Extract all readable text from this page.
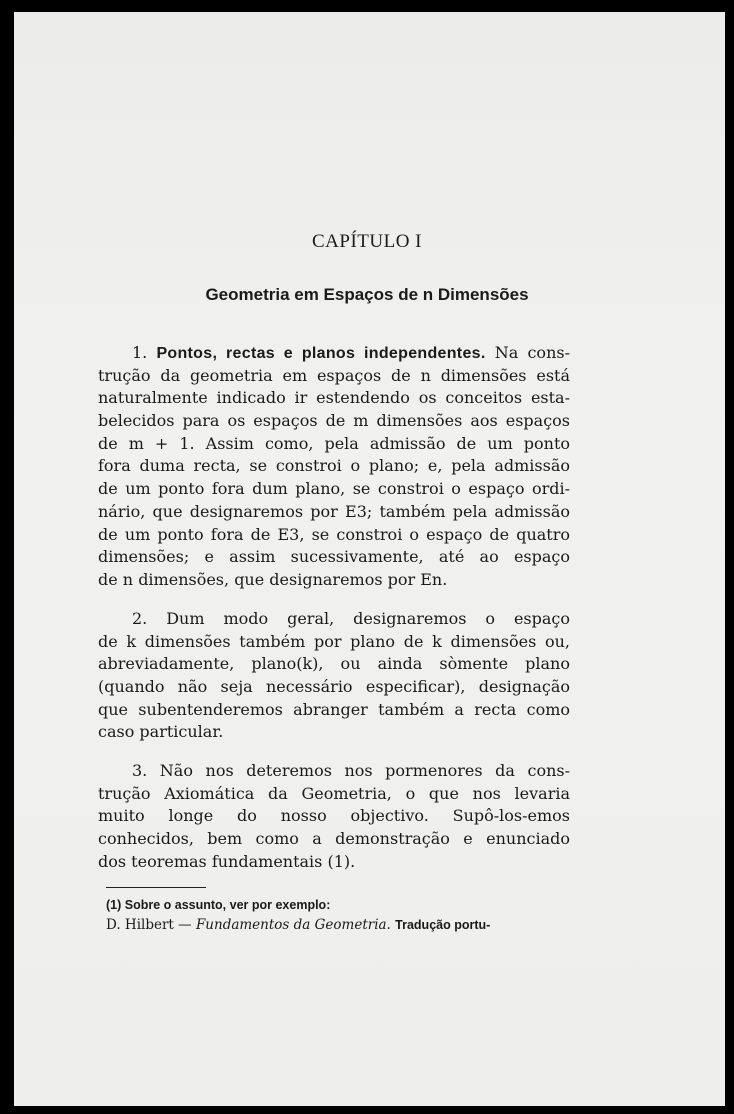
CAPÍTULO I
Geometria em Espaços de n Dimensões
1. Pontos, rectas e planos independentes. Na cons-
trução da geometria em espaços de n dimensões está
naturalmente indicado ir estendendo os conceitos esta-
belecidos para os espaços de m dimensões aos espaços
de m + 1. Assim como, pela admissão de um ponto
fora duma recta, se constroi o plano; e, pela admissão
de um ponto fora dum plano, se constroi o espaço ordi-
nário, que designaremos por E3; também pela admissão
de um ponto fora de E3, se constroi o espaço de quatro
dimensões; e assim sucessivamente, até ao espaço
de n dimensões, que designaremos por En.
2. Dum modo geral, designaremos o espaço
de k dimensões também por plano de k dimensões ou,
abreviadamente, plano(k), ou ainda sòmente plano
(quando não seja necessário especificar), designação
que subentenderemos abranger também a recta como
caso particular.
3. Não nos deteremos nos pormenores da cons-
trução Axiomática da Geometria, o que nos levaria
muito longe do nosso objectivo. Supô-los-emos
conhecidos, bem como a demonstração e enunciado
dos teoremas fundamentais (1).
(1) Sobre o assunto, ver por exemplo:
D. Hilbert — Fundamentos da Geometria. Tradução portu-
